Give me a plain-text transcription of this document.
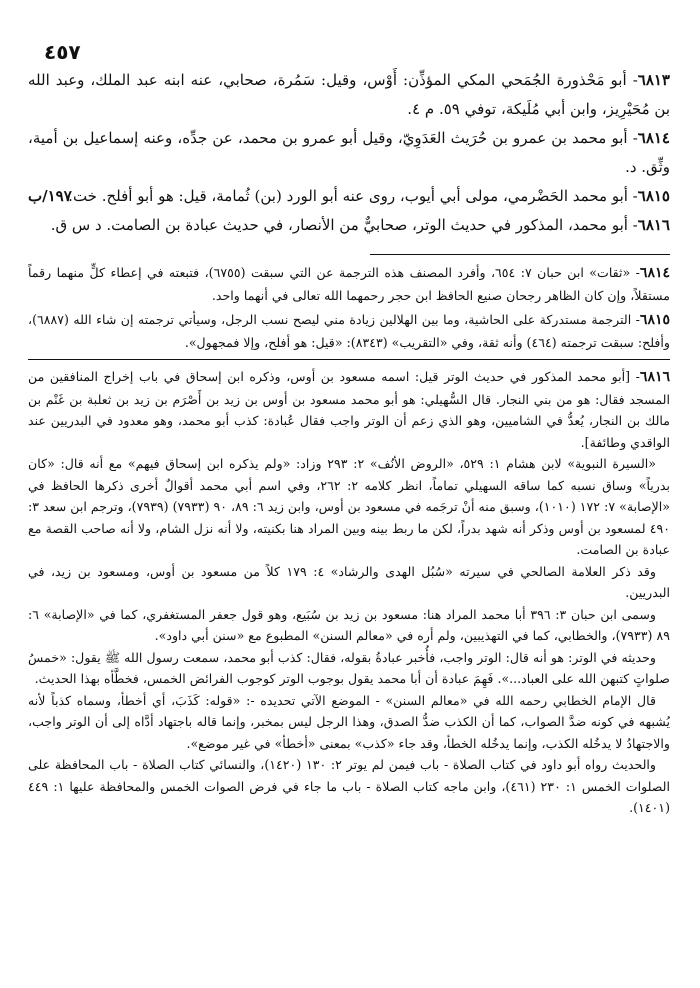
٤٥٧

٦٨١٣- أبو مَحْذورة الجُمَحي المكي المؤذِّن: أَوْس، وقيل: سَمُرة، صحابي، عنه ابنه عبد الملك، وعبد الله بن مُحَيْرِيز، وابن أبي مُلَيكة، توفي ٥٩. م ٤.

٦٨١٤- أبو محمد بن عمرو بن حُرَيث العَدَوِيّ، وقيل أبو عمرو بن محمد، عن جدِّه، وعنه إسماعيل بن أمية، وثِّق. د.

٦٨١٥- أبو محمد الحَضْرمي، مولى أبي أيوب، روى عنه أبو الورد (بن) ثُمامة، قيل: هو أبو أفلح. خت.
١٩٧/ب

٦٨١٦- أبو محمد، المذكور في حديث الوتر، صحابيٌّ من الأنصار، في حديث عبادة بن الصامت. د س ق.

٦٨١٤- «ثقات» ابن حبان ٧: ٦٥٤، وأفرد المصنف هذه الترجمة عن التي سبقت (٦٧٥٥)، فتبعته في إعطاء كلٍّ منهما رقماً مستقلاً، وإن كان الظاهر رجحان صنيع الحافظ ابن حجر رحمهما الله تعالى في أنهما واحد.

٦٨١٥- الترجمة مستدركة على الحاشية، وما بين الهلالين زيادة مني ليصح نسب الرجل، وسيأتي ترجمته إن شاء الله (٦٨٨٧)، وأفلح: سبقت ترجمته (٤٦٤) وأنه ثقة، وفي «التقريب» (٨٣٤٣): «قيل: هو أفلح، وإلا فمجهول».

٦٨١٦- [أبو محمد المذكور في حديث الوتر قيل: اسمه مسعود بن أوس، وذكره ابن إسحاق في باب إخراج المنافقين من المسجد فقال: هو من بني النجار. قال السُّهيلي: هو أبو محمد مسعود بن أوس بن زيد بن أَصْرَم بن زيد بن ثعلبة بن غَنْم بن مالك بن النجار، يُعدُّ في الشاميين، وهو الذي زعم أن الوتر واجب فقال عُبادة: كذب أبو محمد، وهو معدود في البدريين عند الواقدي وطائفة].

«السيرة النبوية» لابن هشام ١: ٥٢٩، «الروض الأنُف» ٢: ٢٩٣ وزاد: «ولم يذكره ابن إسحاق فيهم» مع أنه قال: «كان بدرياً» وساق نسبه كما ساقه السهيلي تماماً، انظر كلامه ٢: ٢٦٢، وفي اسم أبي محمد أقوالٌ أخرى ذكرها الحافظ في «الإصابة» ٧: ١٧٢ (١٠١٠)، وسبق منه أنْ ترجَمه في مسعود بن أوس، وابن زيد ٦: ٨٩، ٩٠ (٧٩٣٣) (٧٩٣٩)، وترجم ابن سعد ٣: ٤٩٠ لمسعود بن أوس وذكر أنه شهد بدراً، لكن ما ربط بينه وبين المراد هنا بكنيته، ولا أنه نزل الشام، ولا أنه صاحب القصة مع عبادة بن الصامت.

وقد ذكر العلامة الصالحي في سيرته «سُبُل الهدى والرشاد» ٤: ١٧٩ كلاً من مسعود بن أوس، ومسعود بن زيد، في البدريين.

وسمى ابن حبان ٣: ٣٩٦ أبا محمد المراد هنا: مسعود بن زيد بن سُبَيع، وهو قول جعفر المستغفري، كما في «الإصابة» ٦: ٨٩ (٧٩٣٣)، والخطابي، كما في التهذيبين، ولم أره في «معالم السنن» المطبوع مع «سنن أبي داود».

وحديثه في الوتر: هو أنه قال: الوتر واجب، فأُخبر عبادةُ بقوله، فقال: كذب أبو محمد، سمعت رسول الله ﷺ يقول: «خمسُ صلواتٍ كتبهن الله على العباد...». فَهِمَ عبادة أن أبا محمد يقول بوجوب الوتر كوجوب الفرائض الخمس، فخطَّأه بهذا الحديث.

قال الإمام الخطابي رحمه الله في «معالم السنن» - الموضع الآتي تحديده -: «قوله: كَذَبَ، أي أخطأ، وسماه كذباً لأنه يُشبهه في كونه ضدَّ الصواب، كما أن الكذب ضدُّ الصدق، وهذا الرجل ليس بمخبر، وإنما قاله باجتهاد أدَّاه إلى أن الوتر واجب، والاجتهادُ لا يدخُله الكذب، وإنما يدخُله الخطأ، وقد جاء «كذب» بمعنى «أخطأ» في غير موضع».

والحديث رواه أبو داود في كتاب الصلاة - باب فيمن لم يوتر ٢: ١٣٠ (١٤٢٠)، والنسائي كتاب الصلاة - باب المحافظة على الصلوات الخمس ١: ٢٣٠ (٤٦١)، وابن ماجه كتاب الصلاة - باب ما جاء في فرض الصوات الخمس والمحافظة عليها ١: ٤٤٩ (١٤٠١).
